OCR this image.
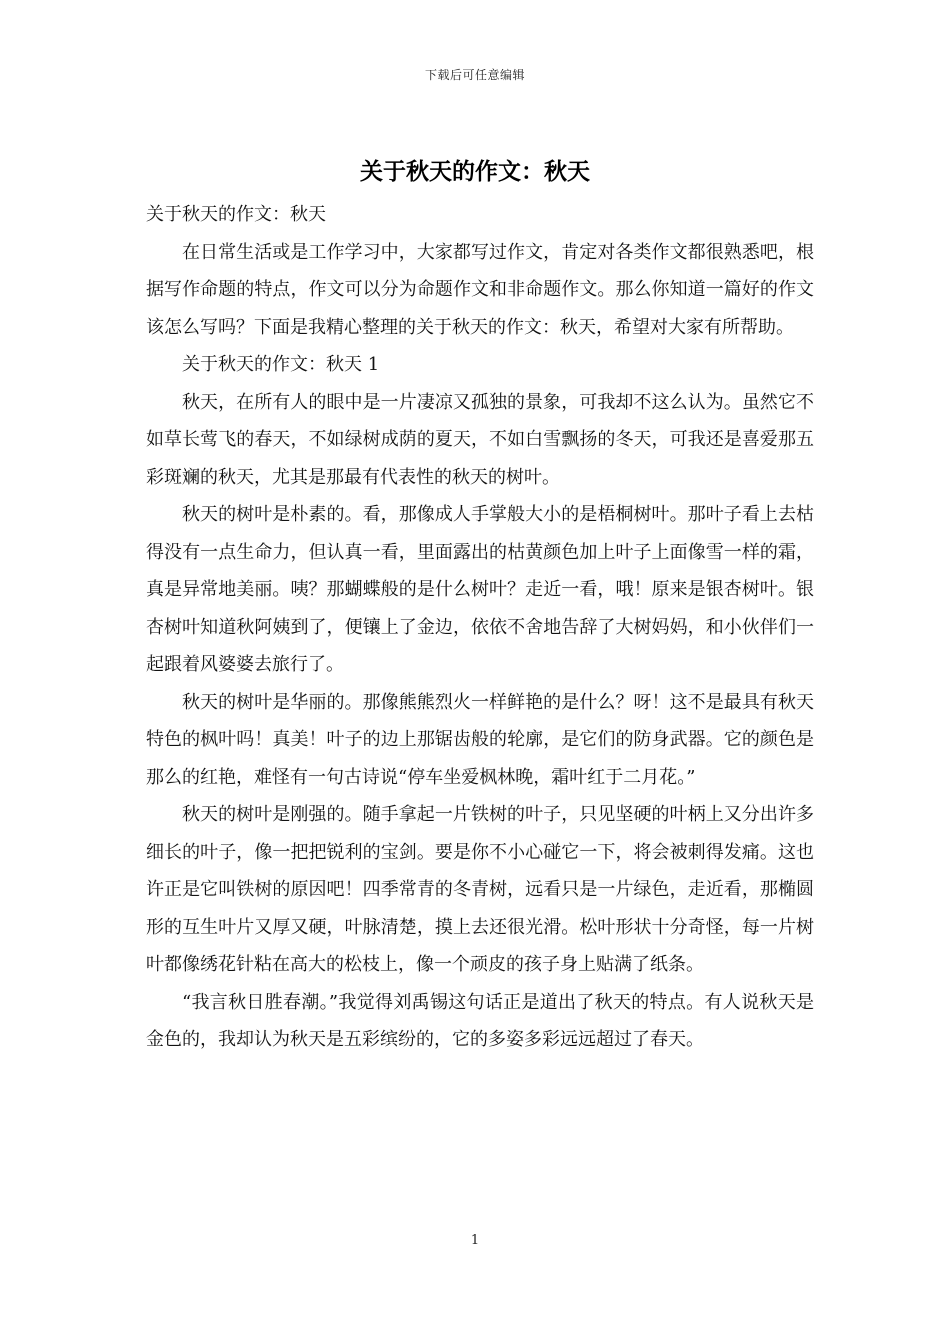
下载后可任意编辑
关于秋天的作文：秋天

关于秋天的作文：秋天

在日常生活或是工作学习中，大家都写过作文，肯定对各类作文都很熟悉吧，根据写作命题的特点，作文可以分为命题作文和非命题作文。那么你知道一篇好的作文该怎么写吗？下面是我精心整理的关于秋天的作文：秋天，希望对大家有所帮助。

关于秋天的作文：秋天 1

秋天，在所有人的眼中是一片凄凉又孤独的景象，可我却不这么认为。虽然它不如草长莺飞的春天，不如绿树成荫的夏天，不如白雪飘扬的冬天，可我还是喜爱那五彩斑斓的秋天，尤其是那最有代表性的秋天的树叶。

秋天的树叶是朴素的。看，那像成人手掌般大小的是梧桐树叶。那叶子看上去枯得没有一点生命力，但认真一看，里面露出的枯黄颜色加上叶子上面像雪一样的霜，真是异常地美丽。咦？那蝴蝶般的是什么树叶？走近一看，哦！原来是银杏树叶。银杏树叶知道秋阿姨到了，便镶上了金边，依依不舍地告辞了大树妈妈，和小伙伴们一起跟着风婆婆去旅行了。

秋天的树叶是华丽的。那像熊熊烈火一样鲜艳的是什么？呀！这不是最具有秋天特色的枫叶吗！真美！叶子的边上那锯齿般的轮廓，是它们的防身武器。它的颜色是那么的红艳，难怪有一句古诗说“停车坐爱枫林晚，霜叶红于二月花。”

秋天的树叶是刚强的。随手拿起一片铁树的叶子，只见坚硬的叶柄上又分出许多细长的叶子，像一把把锐利的宝剑。要是你不小心碰它一下，将会被刺得发痛。这也许正是它叫铁树的原因吧！四季常青的冬青树，远看只是一片绿色，走近看，那椭圆形的互生叶片又厚又硬，叶脉清楚，摸上去还很光滑。松叶形状十分奇怪，每一片树叶都像绣花针粘在高大的松枝上，像一个顽皮的孩子身上贴满了纸条。

“我言秋日胜春潮。”我觉得刘禹锡这句话正是道出了秋天的特点。有人说秋天是金色的，我却认为秋天是五彩缤纷的，它的多姿多彩远远超过了春天。

1
